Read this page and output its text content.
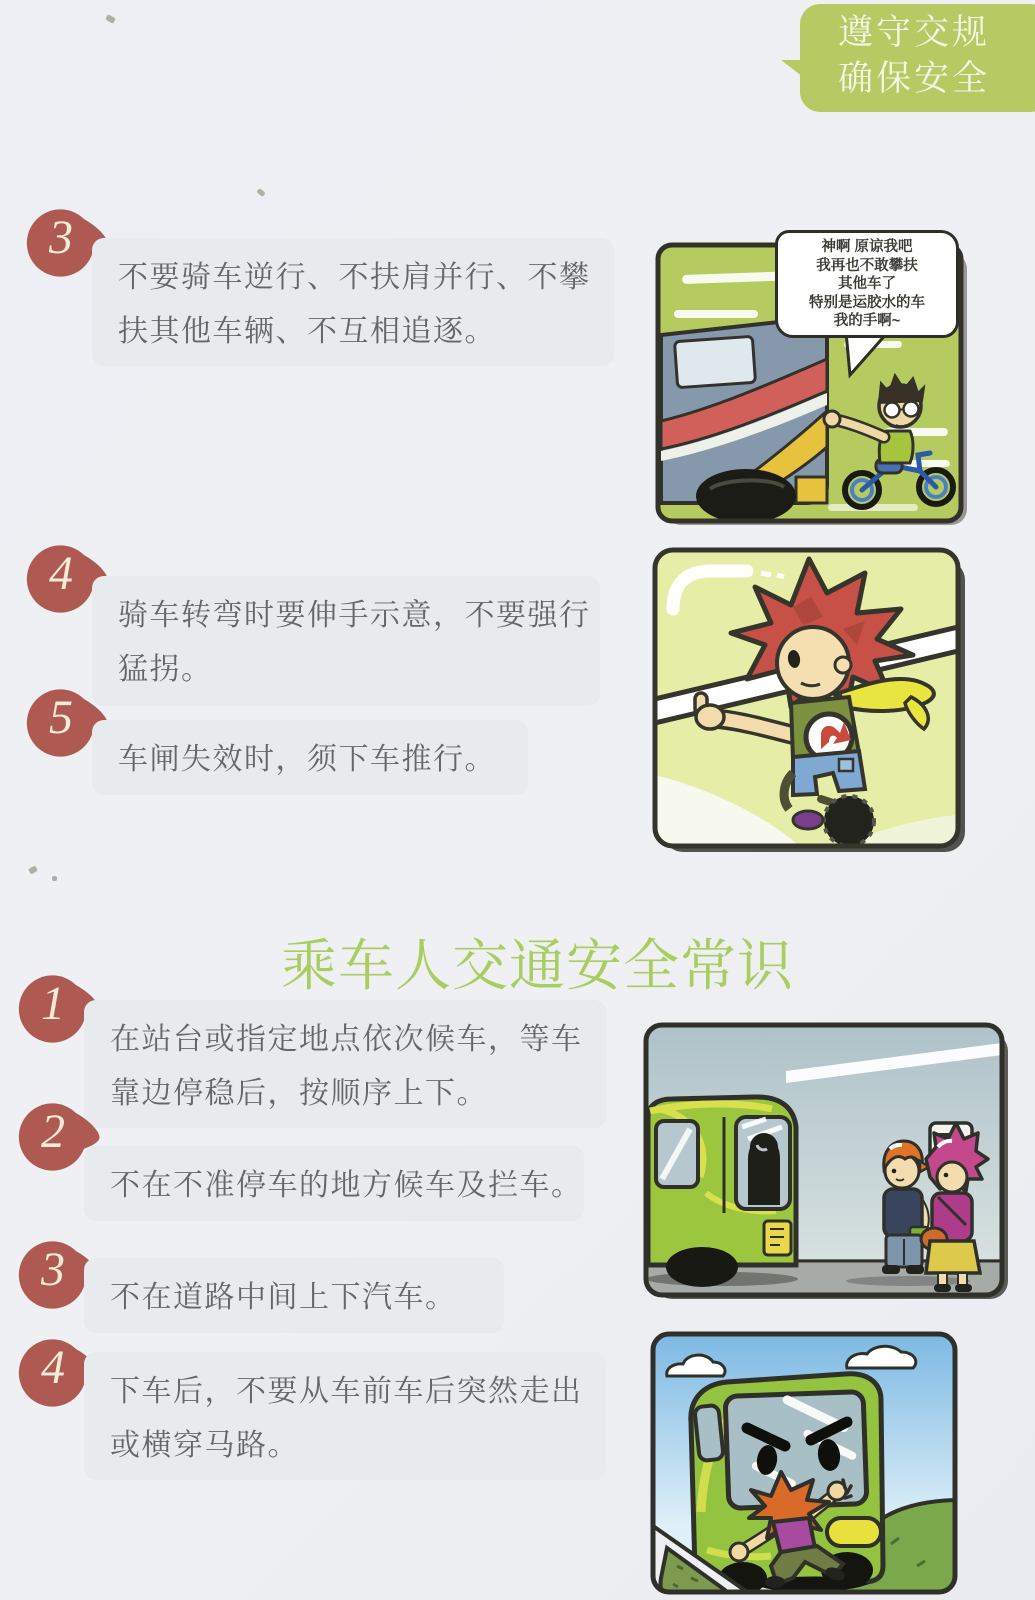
遵守交规
确保安全
3
不要骑车逆行、不扶肩并行、不攀
扶其他车辆、不互相追逐。
4
骑车转弯时要伸手示意，不要强行
猛拐。
5
车闸失效时，须下车推行。
乘车人交通安全常识
1
在站台或指定地点依次候车，等车
靠边停稳后，按顺序上下。
2
不在不准停车的地方候车及拦车。
3
不在道路中间上下汽车。
4	下车后，不要从车前车后突然走出
或横穿马路。
神啊 原谅我吧
我再也不敢攀扶
其他车了
特别是运胶水的车
我的手啊~
